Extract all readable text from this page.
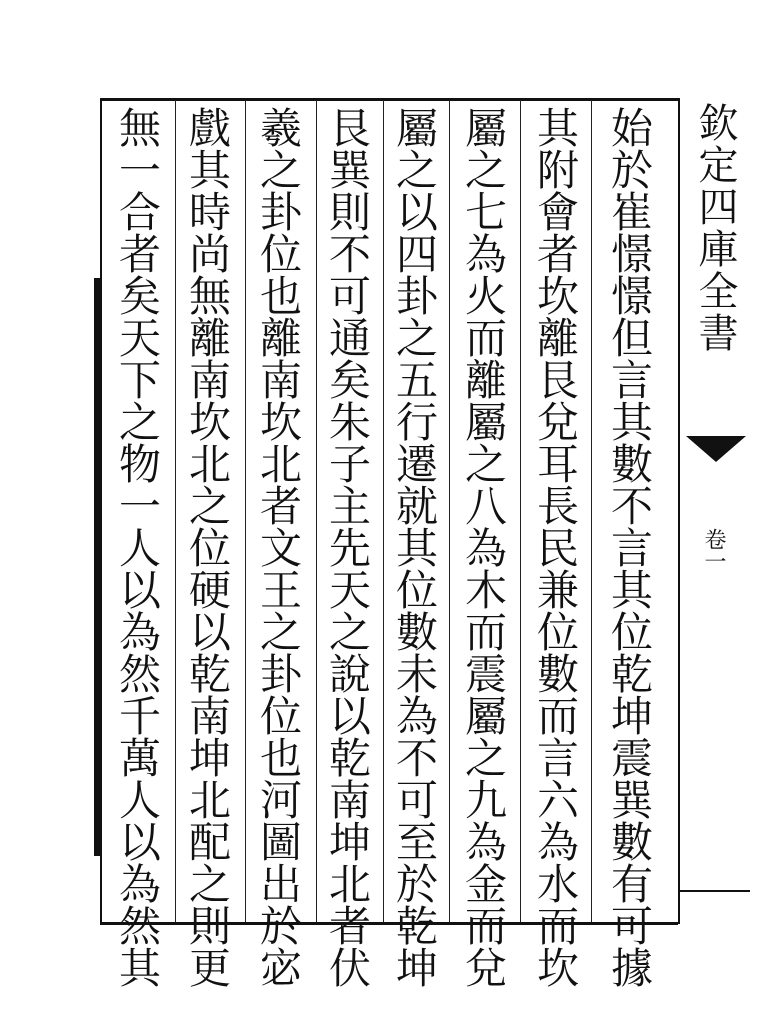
始
於
崔
憬
憬
但
言
其
數
不
言
其
位
乾
坤
震
巽
數
有
可
據
其
附
會
者
坎
離
艮
兌
耳
長
民
兼
位
數
而
言
六
為
水
而
坎
屬
之
七
為
火
而
離
屬
之
八
為
木
而
震
屬
之
九
為
金
而
兌
屬
之
以
四
卦
之
五
行
遷
就
其
位
數
未
為
不
可
至
於
乾
坤
艮
巽
則
不
可
通
矣
朱
子
主
先
天
之
說
以
乾
南
坤
北
者
伏
羲
之
卦
位
也
離
南
坎
北
者
文
王
之
卦
位
也
河
圖
出
於
宓
戲
其
時
尚
無
離
南
坎
北
之
位
硬
以
乾
南
坤
北
配
之
則
更
無
一
合
者
矣
天
下
之
物
一
人
以
為
然
千
萬
人
以
為
然
其
欽定四庫全書
卷一
